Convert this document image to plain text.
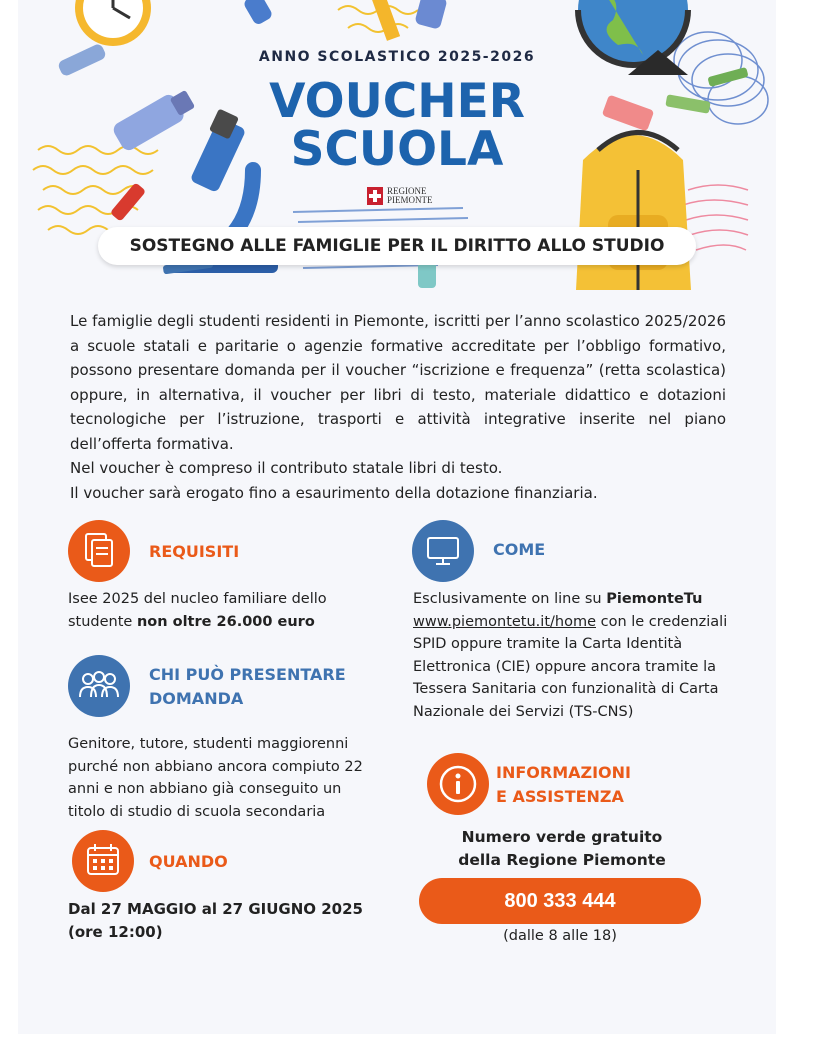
ANNO SCOLASTICO 2025-2026
VOUCHER
SCUOLA
REGIONE
PIEMONTE
SOSTEGNO ALLE FAMIGLIE PER IL DIRITTO ALLO STUDIO

Le famiglie degli studenti residenti in Piemonte, iscritti per l’anno scolastico 2025/2026 a scuole statali e paritarie o agenzie formative accreditate per l’obbligo formativo, possono presentare domanda per il voucher “iscrizione e frequenza” (retta scolastica) oppure, in alternativa, il voucher per libri di testo, materiale didattico e dotazioni tecnologiche per l’istruzione, trasporti e attività integrative inserite nel piano dell’offerta formativa.

Nel voucher è compreso il contributo statale libri di testo.

Il voucher sarà erogato fino a esaurimento della dotazione finanziaria.

REQUISITI
Isee 2025 del nucleo familiare dello studente non oltre 26.000 euro
CHI PUÒ PRESENTARE
DOMANDA
Genitore, tutore, studenti maggiorenni purché non abbiano ancora compiuto 22 anni e non abbiano già conseguito un titolo di studio di scuola secondaria
QUANDO
Dal 27 MAGGIO al 27 GIUGNO 2025
(ore 12:00)
COME
Esclusivamente on line su PiemonteTu
www.piemontetu.it/home con le credenziali SPID oppure tramite la Carta Identità Elettronica (CIE) oppure ancora tramite la Tessera Sanitaria con funzionalità di Carta Nazionale dei Servizi (TS-CNS)
INFORMAZIONI
E ASSISTENZA
Numero verde gratuito
della Regione Piemonte
800 333 444
(dalle 8 alle 18)
